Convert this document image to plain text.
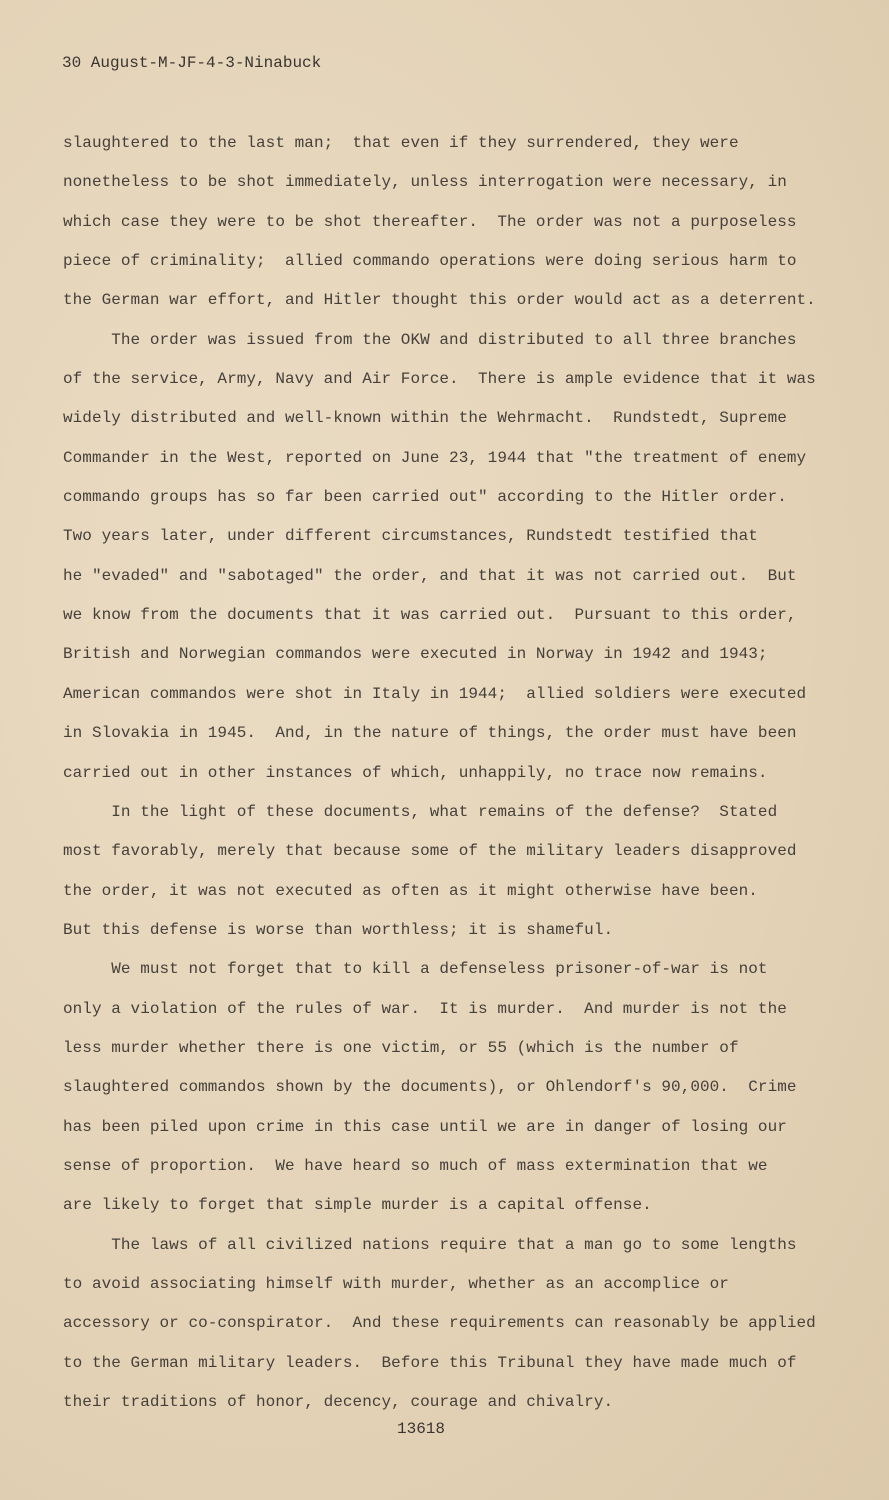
30 August-M-JF-4-3-Ninabuck
slaughtered to the last man;  that even if they surrendered, they were
nonetheless to be shot immediately, unless interrogation were necessary, in
which case they were to be shot thereafter.  The order was not a purposeless
piece of criminality;  allied commando operations were doing serious harm to
the German war effort, and Hitler thought this order would act as a deterrent.
The order was issued from the OKW and distributed to all three branches
of the service, Army, Navy and Air Force.  There is ample evidence that it was
widely distributed and well-known within the Wehrmacht.  Rundstedt, Supreme
Commander in the West, reported on June 23, 1944 that "the treatment of enemy
commando groups has so far been carried out" according to the Hitler order.
Two years later, under different circumstances, Rundstedt testified that
he "evaded" and "sabotaged" the order, and that it was not carried out.  But
we know from the documents that it was carried out.  Pursuant to this order,
British and Norwegian commandos were executed in Norway in 1942 and 1943;
American commandos were shot in Italy in 1944;  allied soldiers were executed
in Slovakia in 1945.  And, in the nature of things, the order must have been
carried out in other instances of which, unhappily, no trace now remains.
In the light of these documents, what remains of the defense?  Stated
most favorably, merely that because some of the military leaders disapproved
the order, it was not executed as often as it might otherwise have been.
But this defense is worse than worthless; it is shameful.
We must not forget that to kill a defenseless prisoner-of-war is not
only a violation of the rules of war.  It is murder.  And murder is not the
less murder whether there is one victim, or 55 (which is the number of
slaughtered commandos shown by the documents), or Ohlendorf's 90,000.  Crime
has been piled upon crime in this case until we are in danger of losing our
sense of proportion.  We have heard so much of mass extermination that we
are likely to forget that simple murder is a capital offense.
The laws of all civilized nations require that a man go to some lengths
to avoid associating himself with murder, whether as an accomplice or
accessory or co-conspirator.  And these requirements can reasonably be applied
to the German military leaders.  Before this Tribunal they have made much of
their traditions of honor, decency, courage and chivalry.
13618
